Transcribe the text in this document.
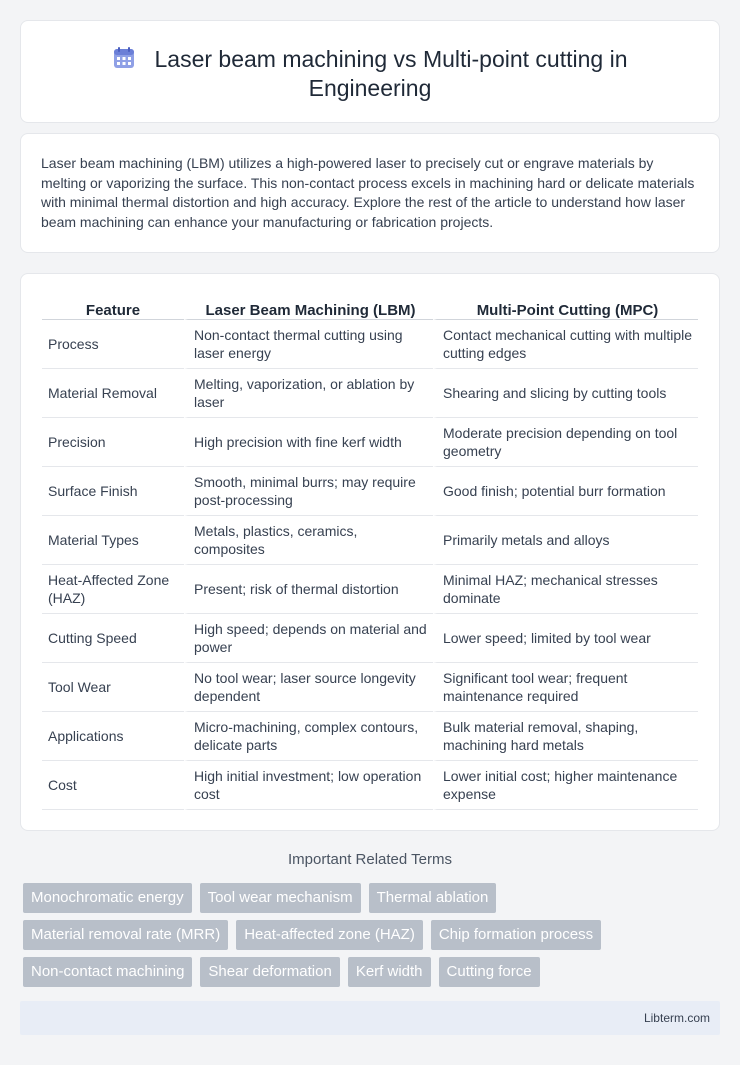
Laser beam machining vs Multi-point cutting in
Engineering

Laser beam machining (LBM) utilizes a high-powered laser to precisely cut or engrave materials by melting or vaporizing the surface. This non-contact process excels in machining hard or delicate materials with minimal thermal distortion and high accuracy. Explore the rest of the article to understand how laser beam machining can enhance your manufacturing or fabrication projects.

Feature	Laser Beam Machining (LBM)	Multi-Point Cutting (MPC)
Process	Non-contact thermal cutting using laser energy	Contact mechanical cutting with multiple cutting edges
Material Removal	Melting, vaporization, or ablation by laser	Shearing and slicing by cutting tools
Precision	High precision with fine kerf width	Moderate precision depending on tool geometry
Surface Finish	Smooth, minimal burrs; may require post-processing	Good finish; potential burr formation
Material Types	Metals, plastics, ceramics, composites	Primarily metals and alloys
Heat-Affected Zone (HAZ)	Present; risk of thermal distortion	Minimal HAZ; mechanical stresses dominate
Cutting Speed	High speed; depends on material and power	Lower speed; limited by tool wear
Tool Wear	No tool wear; laser source longevity dependent	Significant tool wear; frequent maintenance required
Applications	Micro-machining, complex contours, delicate parts	Bulk material removal, shaping, machining hard metals
Cost	High initial investment; low operation cost	Lower initial cost; higher maintenance expense
Important Related Terms
Monochromatic energy	Tool wear mechanism	Thermal ablation
Material removal rate (MRR)	Heat-affected zone (HAZ)	Chip formation process
Non-contact machining	Shear deformation	Kerf width	Cutting force
Libterm.com
